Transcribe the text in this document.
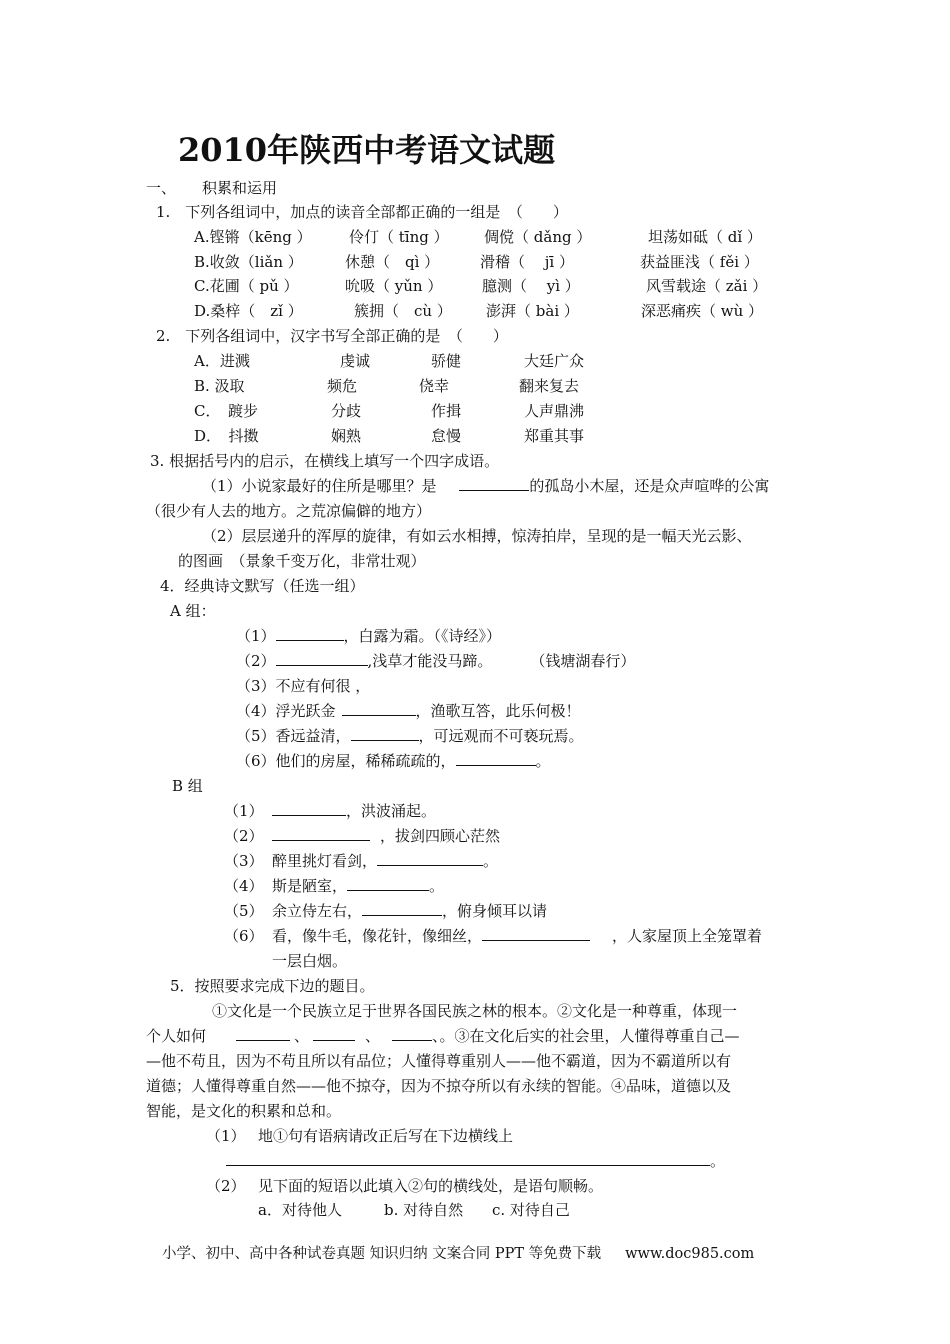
2010年陕西中考语文试题
一、 积累和运用
1.　下列各组词中，加点的读音全部都正确的一组是　（　　）
A.铿锵（kēng ） 伶仃（ tīng ） 倜傥（ dǎng ）	坦荡如砥（ dǐ ）
B.收敛（liǎn ）	休憩（　qì ）	滑稽（　 jī ）	获益匪浅（ fěi ）
C.花圃（ pǔ ）	吮吸（ yǔn ）	臆测（　 yì ）	风雪载途（ zǎi ）
D.桑梓（　zǐ ）	簇拥（　cù ） 澎湃（ bài ）	深恶痛疾（ wù ）
2.　下列各组词中，汉字书写全部正确的是　（　　）
A．进溅	虔诚	骄健	大廷广众
B. 汲取	频危	侥幸	翻来复去
C．　踱步	分歧	作揖	人声鼎沸
D．　抖擞	娴熟	怠慢	郑重其事
3. 根据括号内的启示，在横线上填写一个四字成语。
（1）小说家最好的住所是哪里？是	的孤岛小木屋，还是众声喧哗的公寓
（很少有人去的地方。之荒凉偏僻的地方）
（2）层层递升的浑厚的旋律，有如云水相搏，惊涛拍岸，呈现的是一幅天光云影、
的图画　（景象千变万化，非常壮观）
4．经典诗文默写（任选一组）
A 组：
（1）	，白露为霜。（《诗经》）
（2）	,浅草才能没马蹄。	（钱塘湖春行）
（3）不应有何很 ，
（4）浮光跃金	，渔歌互答，此乐何极！
（5）香远益清，	，可远观而不可亵玩焉。
（6）他们的房屋，稀稀疏疏的，	。
B 组
（1）	，洪波涌起。
（2）	，拔剑四顾心茫然
（3） 醉里挑灯看剑，	。
（4） 斯是陋室，	。
（5） 余立侍左右，	，俯身倾耳以请
（6） 看，像牛毛，像花针，像细丝，	，人家屋顶上全笼罩着
一层白烟。
5．按照要求完成下边的题目。
①文化是一个民族立足于世界各国民族之林的根本。②文化是一种尊重，体现一
个人如何	、	、	、。③在文化后实的社会里，人懂得尊重自己—
—他不苟且，因为不苟且所以有品位；人懂得尊重别人——他不霸道，因为不霸道所以有
道德；人懂得尊重自然——他不掠夺，因为不掠夺所以有永续的智能。④品味，道德以及
智能，是文化的积累和总和。
（1） 地①句有语病请改正后写在下边横线上
。
（2） 见下面的短语以此填入②句的横线处，是语句顺畅。
a．对待他人	b. 对待自然 c. 对待自己
小学、初中、高中各种试卷真题 知识归纳 文案合同 PPT 等免费下载 www.doc985.com
